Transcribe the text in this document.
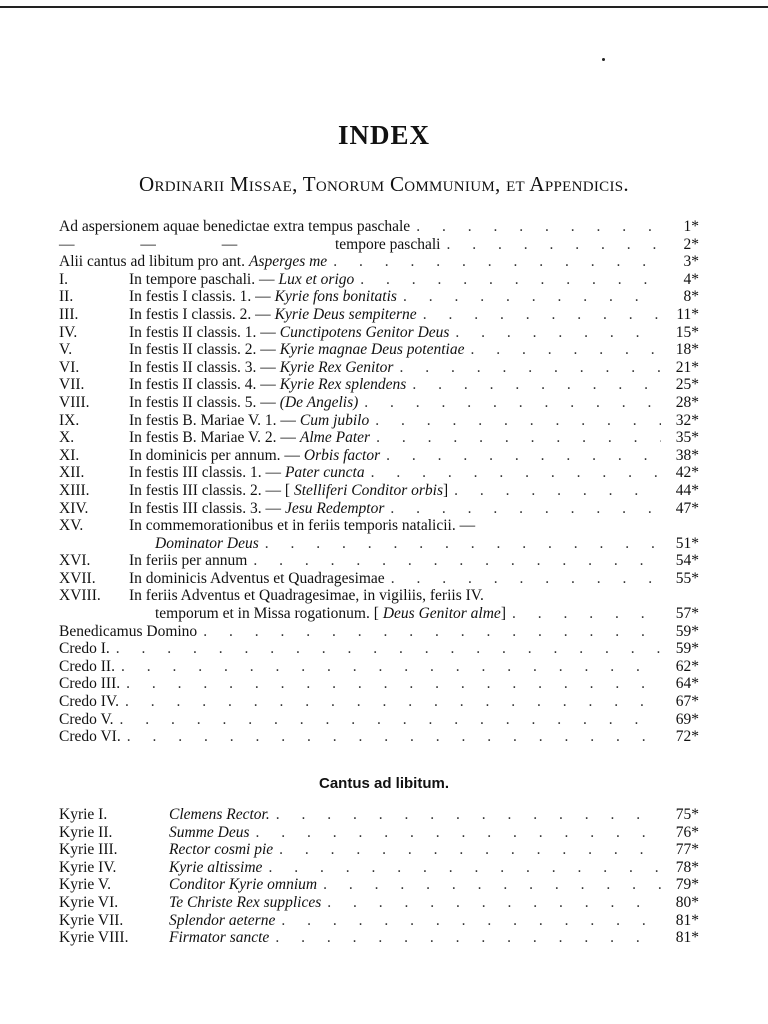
INDEX
Ordinarii Missae, Tonorum Communium, et Appendicis.
Ad aspersionem aquae benedictae extra tempus paschale . . .	1*
— — —	tempore paschali . . .	2*
Alii cantus ad libitum pro ant. Asperges me . . .	3*
I.	In tempore paschali. — Lux et origo . . .	4*
II.	In festis I classis. 1. — Kyrie fons bonitatis . . .	8*
III.	In festis I classis. 2. — Kyrie Deus sempiterne . . .	11*
IV.	In festis II classis. 1. — Cunctipotens Genitor Deus . . .	15*
V.	In festis II classis. 2. — Kyrie magnae Deus potentiae . . .	18*
VI.	In festis II classis. 3. — Kyrie Rex Genitor . . .	21*
VII.	In festis II classis. 4. — Kyrie Rex splendens . . .	25*
VIII.	In festis II classis. 5. — (De Angelis) . . .	28*
IX.	In festis B. Mariae V. 1. — Cum jubilo . . .	32*
X.	In festis B. Mariae V. 2. — Alme Pater . . .	35*
XI.	In dominicis per annum. — Orbis factor . . .	38*
XII.	In festis III classis. 1. — Pater cuncta . . .	42*
XIII.	In festis III classis. 2. — [ Stelliferi Conditor orbis ] . . .	44*
XIV.	In festis III classis. 3. — Jesu Redemptor . . .	47*
XV.	In commemorationibus et in feriis temporis natalicii. —
Dominator Deus . . .	51*
XVI.	In feriis per annum . . .	54*
XVII.	In dominicis Adventus et Quadragesimae . . .	55*
XVIII.	In feriis Adventus et Quadragesimae, in vigiliis, feriis IV.
temporum et in Missa rogationum. [ Deus Genitor alme ] . . .	57*
Benedicamus Domino . . .	59*
Credo I. . . .	59*
Credo II. . . .	62*
Credo III. . . .	64*
Credo IV. . . .	67*
Credo V. . . .	69*
Credo VI. . . .	72*
Cantus ad libitum.
Kyrie I.	Clemens Rector. . . .	75*
Kyrie II.	Summe Deus . . .	76*
Kyrie III.	Rector cosmi pie . . .	77*
Kyrie IV.	Kyrie altissime . . .	78*
Kyrie V.	Conditor Kyrie omnium . . .	79*
Kyrie VI.	Te Christe Rex supplices . . .	80*
Kyrie VII.	Splendor aeterne . . .	81*
Kyrie VIII.	Firmator sancte . . .	81*
